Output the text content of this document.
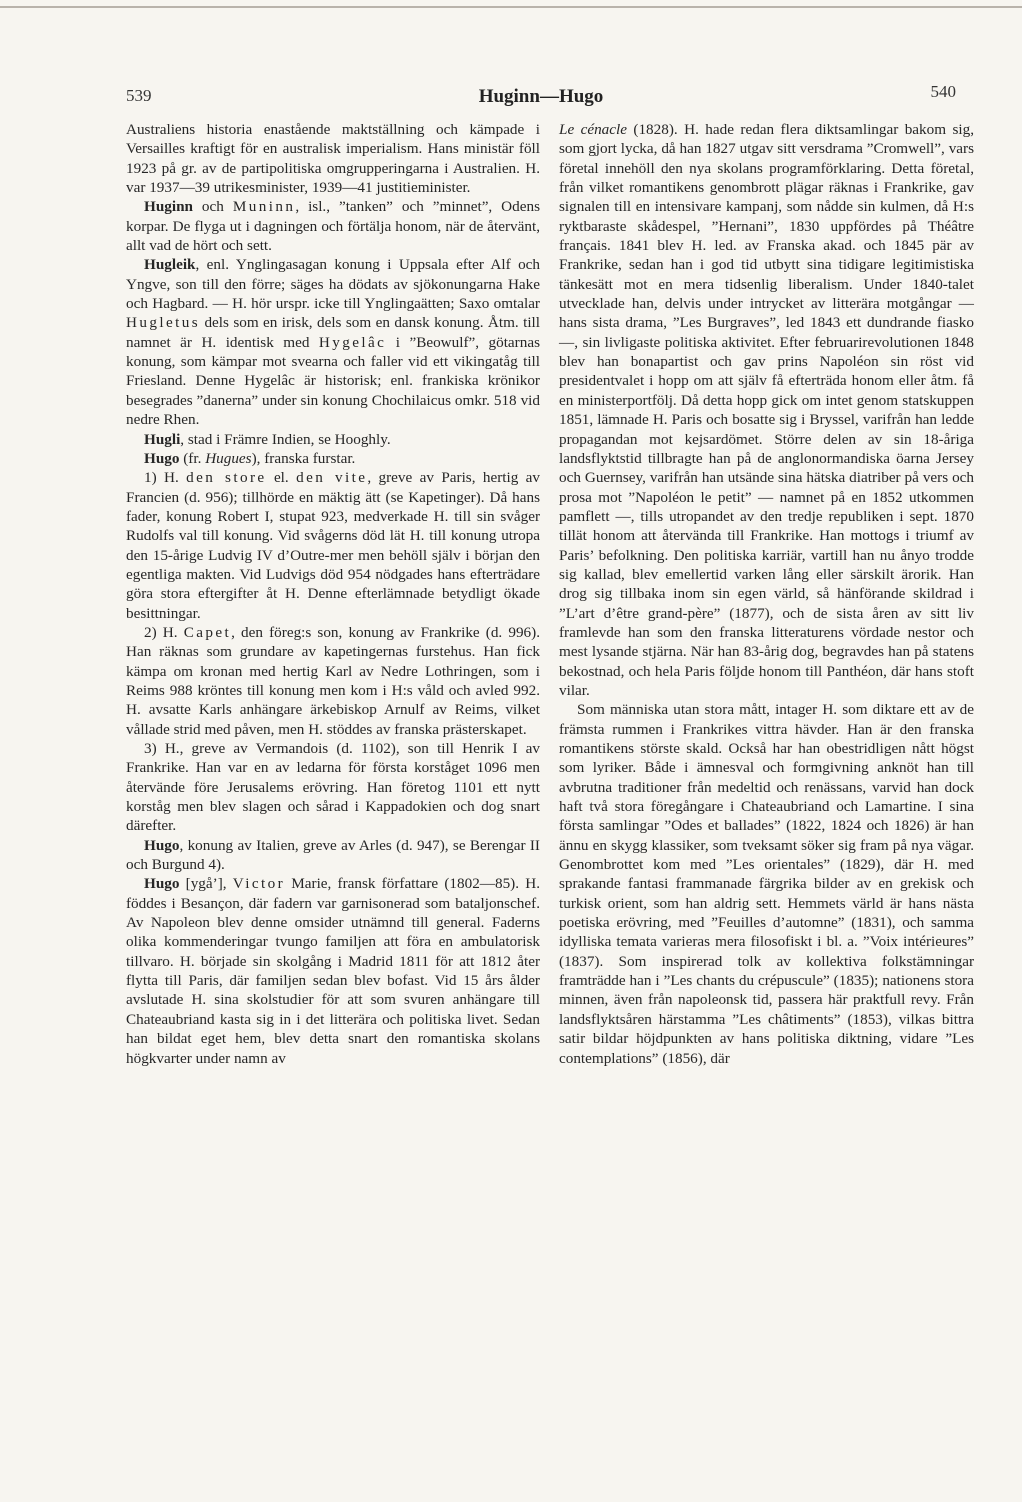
539	Huginn—Hugo	540

Australiens historia enastående maktställning och kämpade i Versailles kraftigt för en australisk imperialism. Hans ministär föll 1923 på gr. av de partipolitiska omgrupperingarna i Australien. H. var 1937—39 utrikesminister, 1939—41 justitieminister.

Huginn och Muninn, isl., ”tanken” och ”minnet”, Odens korpar. De flyga ut i dagningen och förtälja honom, när de återvänt, allt vad de hört och sett.

Hugleik, enl. Ynglingasagan konung i Uppsala efter Alf och Yngve, son till den förre; säges ha dödats av sjökonungarna Hake och Hagbard. — H. hör urspr. icke till Ynglingaätten; Saxo omtalar Hugletus dels som en irisk, dels som en dansk konung. Åtm. till namnet är H. identisk med Hygelâc i ”Beowulf”, götarnas konung, som kämpar mot svearna och faller vid ett vikingatåg till Friesland. Denne Hygelâc är historisk; enl. frankiska krönikor besegrades ”danerna” under sin konung Chochilaicus omkr. 518 vid nedre Rhen.

Hugli, stad i Främre Indien, se Hooghly.

Hugo (fr. Hugues), franska furstar.

1) H. den store el. den vite, greve av Paris, hertig av Francien (d. 956); tillhörde en mäktig ätt (se Kapetinger). Då hans fader, konung Robert I, stupat 923, medverkade H. till sin svåger Rudolfs val till konung. Vid svågerns död lät H. till konung utropa den 15-årige Ludvig IV d’Outre-mer men behöll själv i början den egentliga makten. Vid Ludvigs död 954 nödgades hans efterträdare göra stora eftergifter åt H. Denne efterlämnade betydligt ökade besittningar.

2) H. Capet, den föreg:s son, konung av Frankrike (d. 996). Han räknas som grundare av kapetingernas furstehus. Han fick kämpa om kronan med hertig Karl av Nedre Lothringen, som i Reims 988 kröntes till konung men kom i H:s våld och avled 992. H. avsatte Karls anhängare ärkebiskop Arnulf av Reims, vilket vållade strid med påven, men H. stöddes av franska prästerskapet.

3) H., greve av Vermandois (d. 1102), son till Henrik I av Frankrike. Han var en av ledarna för första korståget 1096 men återvände före Jerusalems erövring. Han företog 1101 ett nytt korståg men blev slagen och sårad i Kappadokien och dog snart därefter.

Hugo, konung av Italien, greve av Arles (d. 947), se Berengar II och Burgund 4).

Hugo [ygå’], Victor Marie, fransk författare (1802—85). H. föddes i Besançon, där fadern var garnisonerad som bataljonschef. Av Napoleon blev denne omsider utnämnd till general. Faderns olika kommenderingar tvungo familjen att föra en ambulatorisk tillvaro. H. började sin skolgång i Madrid 1811 för att 1812 åter flytta till Paris, där familjen sedan blev bofast. Vid 15 års ålder avslutade H. sina skolstudier för att som svuren anhängare till Chateaubriand kasta sig in i det litterära och politiska livet. Sedan han bildat eget hem, blev detta snart den romantiska skolans högkvarter under namn av

Le cénacle (1828). H. hade redan flera diktsamlingar bakom sig, som gjort lycka, då han 1827 utgav sitt versdrama ”Cromwell”, vars företal innehöll den nya skolans programförklaring. Detta företal, från vilket romantikens genombrott plägar räknas i Frankrike, gav signalen till en intensivare kampanj, som nådde sin kulmen, då H:s ryktbaraste skådespel, ”Hernani”, 1830 uppfördes på Théâtre français. 1841 blev H. led. av Franska akad. och 1845 pär av Frankrike, sedan han i god tid utbytt sina tidigare legitimistiska tänkesätt mot en mera tidsenlig liberalism. Under 1840-talet utvecklade han, delvis under intrycket av litterära motgångar — hans sista drama, ”Les Burgraves”, led 1843 ett dundrande fiasko —, sin livligaste politiska aktivitet. Efter februarirevolutionen 1848 blev han bonapartist och gav prins Napoléon sin röst vid presidentvalet i hopp om att själv få efterträda honom eller åtm. få en ministerportfölj. Då detta hopp gick om intet genom statskuppen 1851, lämnade H. Paris och bosatte sig i Bryssel, varifrån han ledde propagandan mot kejsardömet. Större delen av sin 18-åriga landsflyktstid tillbragte han på de anglonormandiska öarna Jersey och Guernsey, varifrån han utsände sina hätska diatriber på vers och prosa mot ”Napoléon le petit” — namnet på en 1852 utkommen pamflett —, tills utropandet av den tredje republiken i sept. 1870 tillät honom att återvända till Frankrike. Han mottogs i triumf av Paris’ befolkning. Den politiska karriär, vartill han nu ånyo trodde sig kallad, blev emellertid varken lång eller särskilt ärorik. Han drog sig tillbaka inom sin egen värld, så hänförande skildrad i ”L’art d’être grand-père” (1877), och de sista åren av sitt liv framlevde han som den franska litteraturens vördade nestor och mest lysande stjärna. När han 83-årig dog, begravdes han på statens bekostnad, och hela Paris följde honom till Panthéon, där hans stoft vilar.

Som människa utan stora mått, intager H. som diktare ett av de främsta rummen i Frankrikes vittra hävder. Han är den franska romantikens störste skald. Också har han obestridligen nått högst som lyriker. Både i ämnesval och formgivning anknöt han till avbrutna traditioner från medeltid och renässans, varvid han dock haft två stora föregångare i Chateaubriand och Lamartine. I sina första samlingar ”Odes et ballades” (1822, 1824 och 1826) är han ännu en skygg klassiker, som tveksamt söker sig fram på nya vägar. Genombrottet kom med ”Les orientales” (1829), där H. med sprakande fantasi frammanade färgrika bilder av en grekisk och turkisk orient, som han aldrig sett. Hemmets värld är hans nästa poetiska erövring, med ”Feuilles d’automne” (1831), och samma idylliska temata varieras mera filosofiskt i bl. a. ”Voix intérieures” (1837). Som inspirerad tolk av kollektiva folkstämningar framträdde han i ”Les chants du crépuscule” (1835); nationens stora minnen, även från napoleonsk tid, passera här praktfull revy. Från landsflyktsåren härstamma ”Les châtiments” (1853), vilkas bittra satir bildar höjdpunkten av hans politiska diktning, vidare ”Les contemplations” (1856), där
